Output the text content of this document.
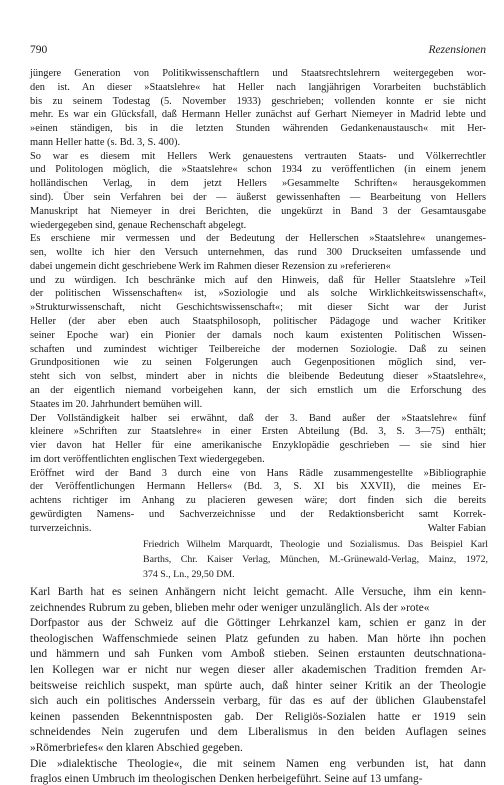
790	Rezensionen
jüngere Generation von Politikwissenschaftlern und Staatsrechtslehrern weitergegeben wor-
den ist. An dieser »Staatslehre« hat Heller nach langjährigen Vorarbeiten buchstäblich
bis zu seinem Todestag (5. November 1933) geschrieben; vollenden konnte er sie nicht
mehr. Es war ein Glücksfall, daß Hermann Heller zunächst auf Gerhart Niemeyer in Madrid lebte und
»einen ständigen, bis in die letzten Stunden währenden Gedankenaustausch« mit Her-
mann Heller hatte (s. Bd. 3, S. 400).
So war es diesem mit Hellers Werk genauestens vertrauten Staats- und Völkerrechtler
und Politologen möglich, die »Staatslehre« schon 1934 zu veröffentlichen (in einem jenem
holländischen Verlag, in dem jetzt Hellers »Gesammelte Schriften« herausgekommen
sind). Über sein Verfahren bei der — äußerst gewissenhaften — Bearbeitung von Hellers
Manuskript hat Niemeyer in drei Berichten, die ungekürzt in Band 3 der Gesamtausgabe
wiedergegeben sind, genaue Rechenschaft abgelegt.
Es erschiene mir vermessen und der Bedeutung der Hellerschen »Staatslehre« unangemes-
sen, wollte ich hier den Versuch unternehmen, das rund 300 Druckseiten umfassende und
dabei ungemein dicht geschriebene Werk im Rahmen dieser Rezension zu »referieren«
und zu würdigen. Ich beschränke mich auf den Hinweis, daß für Heller Staatslehre »Teil
der politischen Wissenschaften« ist, »Soziologie und als solche Wirklichkeitswissenschaft«,
»Strukturwissenschaft, nicht Geschichtswissenschaft«; mit dieser Sicht war der Jurist
Heller (der aber eben auch Staatsphilosoph, politischer Pädagoge und wacher Kritiker
seiner Epoche war) ein Pionier der damals noch kaum existenten Politischen Wissen-
schaften und zumindest wichtiger Teilbereiche der modernen Soziologie. Daß zu seinen
Grundpositionen wie zu seinen Folgerungen auch Gegenpositionen möglich sind, ver-
steht sich von selbst, mindert aber in nichts die bleibende Bedeutung dieser »Staatslehre«,
an der eigentlich niemand vorbeigehen kann, der sich ernstlich um die Erforschung des
Staates im 20. Jahrhundert bemühen will.
Der Vollständigkeit halber sei erwähnt, daß der 3. Band außer der »Staatslehre« fünf
kleinere »Schriften zur Staatslehre« in einer Ersten Abteilung (Bd. 3, S. 3—75) enthält;
vier davon hat Heller für eine amerikanische Enzyklopädie geschrieben — sie sind hier
im dort veröffentlichten englischen Text wiedergegeben.
Eröffnet wird der Band 3 durch eine von Hans Rädle zusammengestellte »Bibliographie
der Veröffentlichungen Hermann Hellers« (Bd. 3, S. XI bis XXVII), die meines Er-
achtens richtiger im Anhang zu placieren gewesen wäre; dort finden sich die bereits
gewürdigten Namens- und Sachverzeichnisse und der Redaktionsbericht samt Korrek-
turverzeichnis.	Walter Fabian
Friedrich Wilhelm Marquardt, Theologie und Sozialismus. Das Beispiel Karl
Barths, Chr. Kaiser Verlag, München, M.-Grünewald-Verlag, Mainz, 1972,
374 S., Ln., 29,50 DM.
Karl Barth hat es seinen Anhängern nicht leicht gemacht. Alle Versuche, ihm ein kenn-
zeichnendes Rubrum zu geben, blieben mehr oder weniger unzulänglich. Als der »rote«
Dorfpastor aus der Schweiz auf die Göttinger Lehrkanzel kam, schien er ganz in der
theologischen Waffenschmiede seinen Platz gefunden zu haben. Man hörte ihn pochen
und hämmern und sah Funken vom Amboß stieben. Seinen erstaunten deutschnationa-
len Kollegen war er nicht nur wegen dieser aller akademischen Tradition fremden Ar-
beitsweise reichlich suspekt, man spürte auch, daß hinter seiner Kritik an der Theologie
sich auch ein politisches Anderssein verbarg, für das es auf der üblichen Glaubenstafel
keinen passenden Bekenntnisposten gab. Der Religiös-Sozialen hatte er 1919 sein
schneidendes Nein zugerufen und dem Liberalismus in den beiden Auflagen seines
»Römerbriefes« den klaren Abschied gegeben.
Die »dialektische Theologie«, die mit seinem Namen eng verbunden ist, hat dann
fraglos einen Umbruch im theologischen Denken herbeigeführt. Seine auf 13 umfang-
